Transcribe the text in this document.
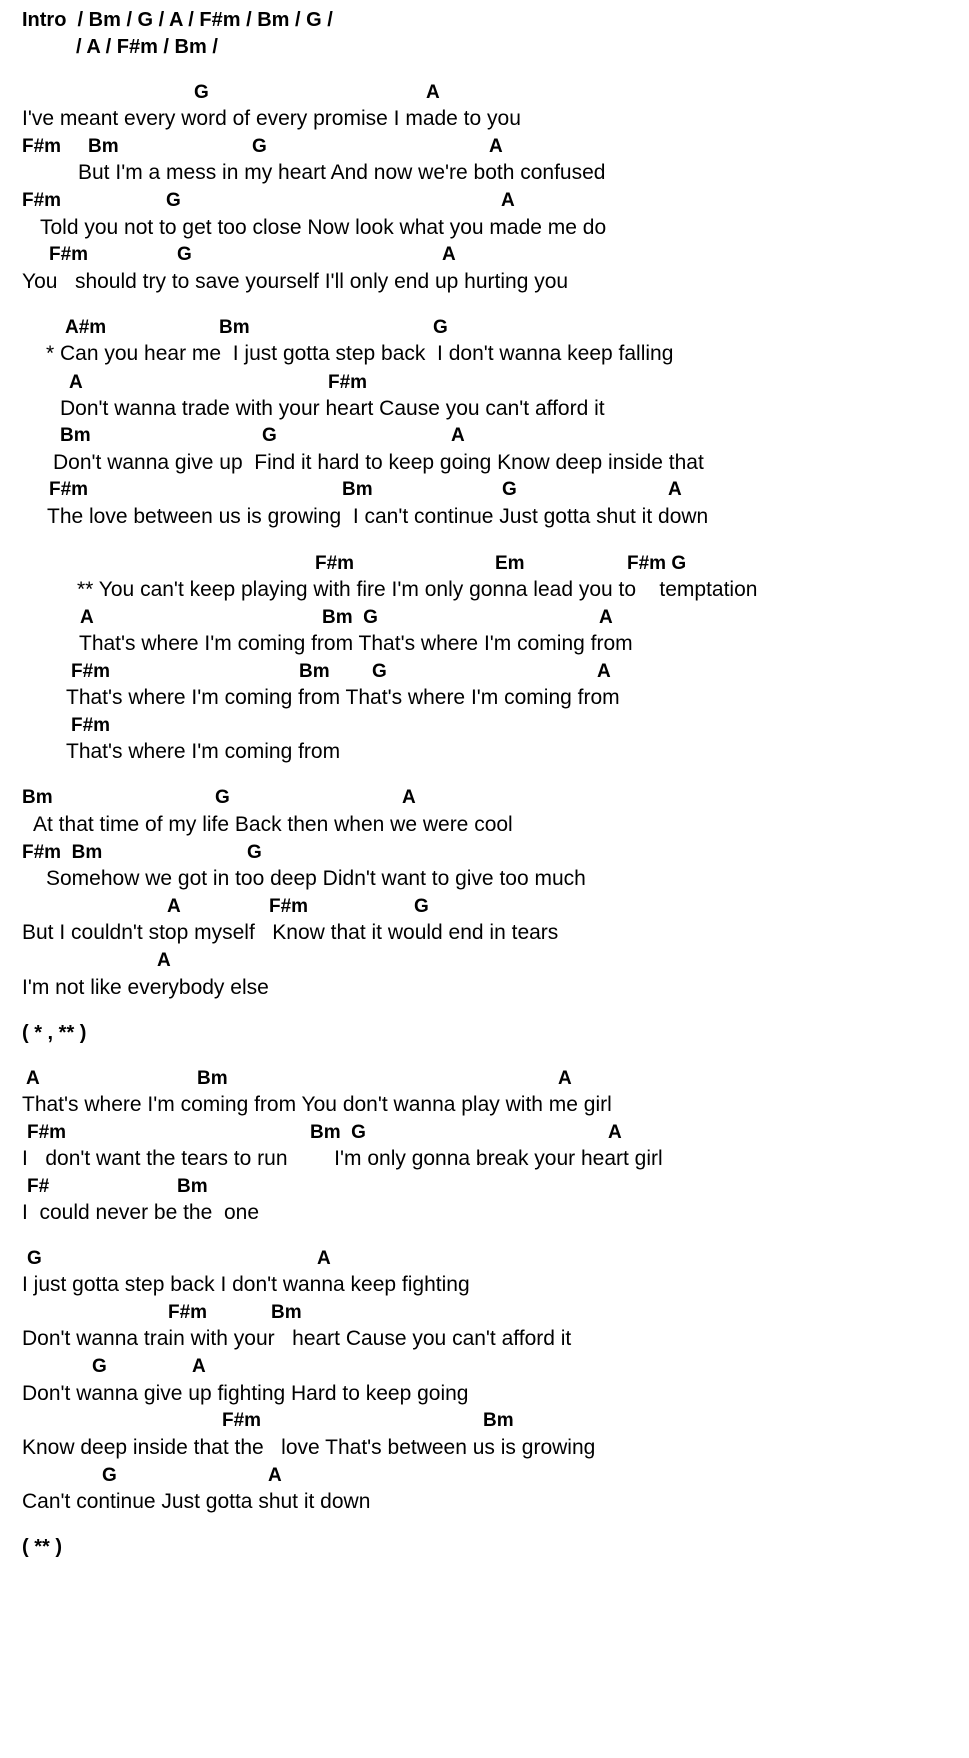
Intro  / Bm / G / A / F#m / Bm / G /
/ A / F#m / Bm /
G	A
I've meant every word of every promise I made to you
F#m Bm	G	A
But I'm a mess in my heart And now we're both confused
F#m	G	A
Told you not to get too close Now look what you made me do
F#m	G	A
You   should try to save yourself I'll only end up hurting you
A#m	Bm	G
* Can you hear me  I just gotta step back  I don't wanna keep falling
A	F#m
Don't wanna trade with your heart Cause you can't afford it
Bm	G	A
Don't wanna give up  Find it hard to keep going Know deep inside that
F#m	Bm	G	A
The love between us is growing  I can't continue Just gotta shut it down
F#m	Em	F#m G
** You can't keep playing with fire I'm only gonna lead you to    temptation
A	Bm  G	A
That's where I'm coming from That's where I'm coming from
F#m	Bm G	A
That's where I'm coming from That's where I'm coming from
F#m
That's where I'm coming from
Bm	G	A
At that time of my life Back then when we were cool
F#m  Bm	G
Somehow we got in too deep Didn't want to give too much
A	F#m	G
But I couldn't stop myself   Know that it would end in tears
A
I'm not like everybody else
( * , ** )
A	Bm	A
That's where I'm coming from You don't wanna play with me girl
F#m	Bm  G	A
I   don't want the tears to run        I'm only gonna break your heart girl
F#	Bm
I  could never be the  one
G	A
I just gotta step back I don't wanna keep fighting
F#m	Bm
Don't wanna train with your   heart Cause you can't afford it
G	A
Don't wanna give up fighting Hard to keep going
F#m	Bm
Know deep inside that the   love That's between us is growing
G	A
Can't continue Just gotta shut it down
( ** )
